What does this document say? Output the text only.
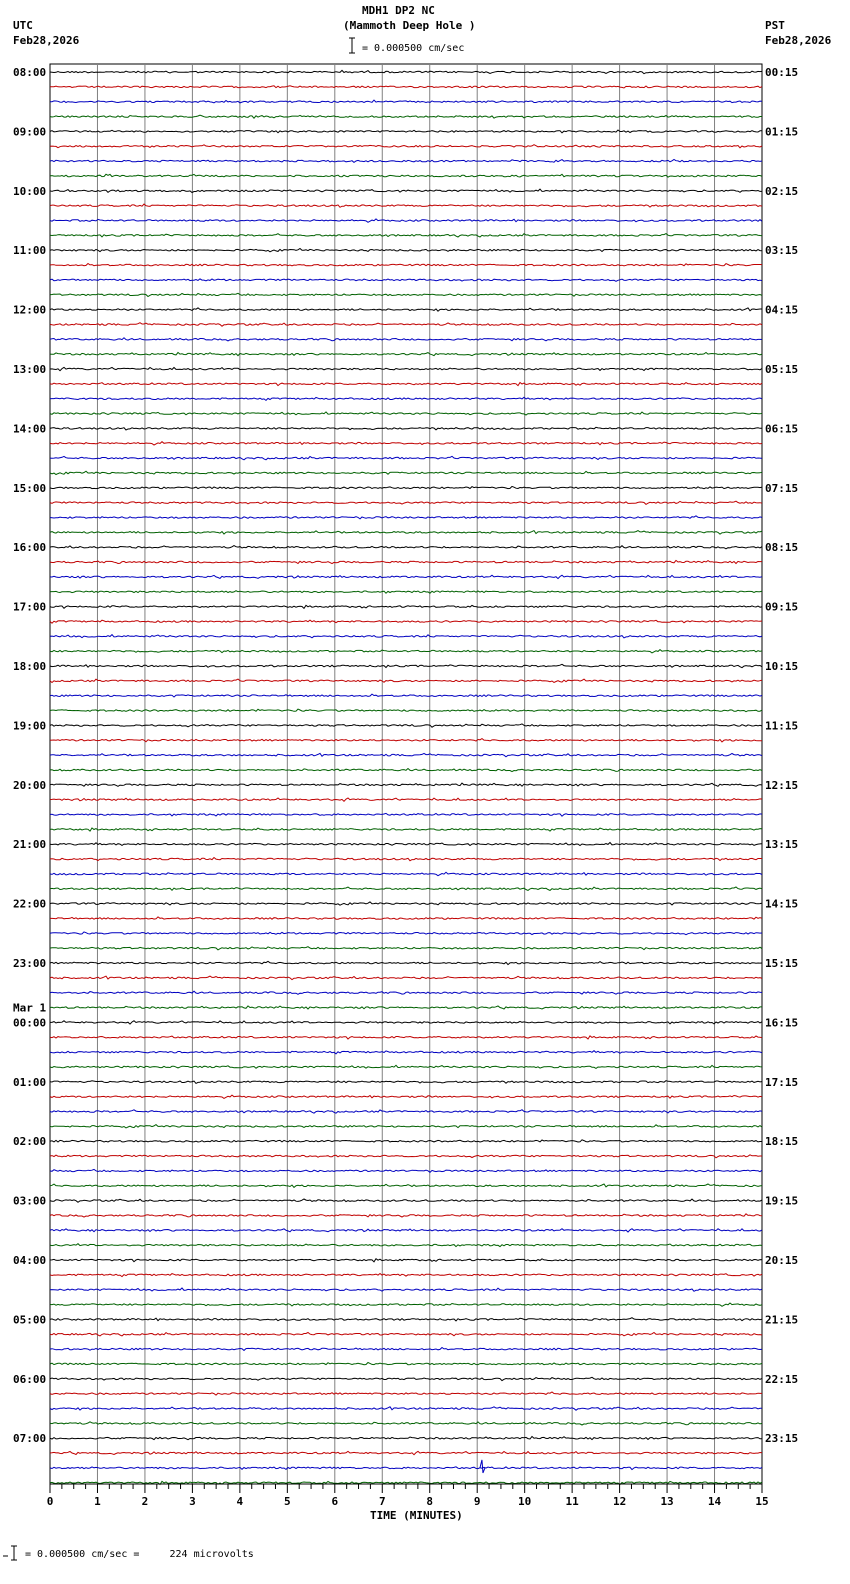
MDH1 DP2 NC
(Mammoth Deep Hole )
UTC
Feb28,2026
PST
Feb28,2026
= 0.000500 cm/sec
= 0.000500 cm/sec =     224 microvolts
TIME (MINUTES)
08:00
09:00
10:00
11:00
12:00
13:00
14:00
15:00
16:00
17:00
18:00
19:00
20:00
21:00
22:00
23:00
00:00
Mar 1
01:00
02:00
03:00
04:00
05:00
06:00
07:00
00:15
01:15
02:15
03:15
04:15
05:15
06:15
07:15
08:15
09:15
10:15
11:15
12:15
13:15
14:15
15:15
16:15
17:15
18:15
19:15
20:15
21:15
22:15
23:15
0	1	2	3	4	5	6	7	8	9	10	11	12	13	14	15
